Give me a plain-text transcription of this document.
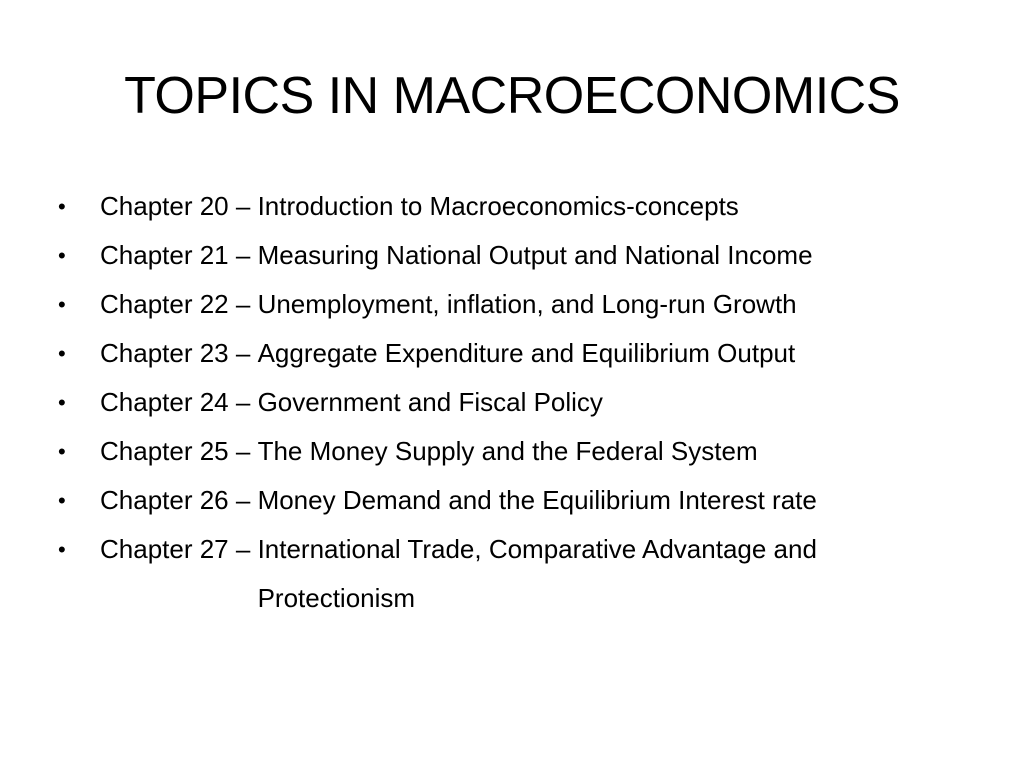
TOPICS IN MACROECONOMICS
•	Chapter 20 – Introduction to Macroeconomics-concepts
•	Chapter 21 – Measuring National Output and National Income
•	Chapter 22 – Unemployment, inflation, and Long-run Growth
•	Chapter 23 – Aggregate Expenditure and Equilibrium Output
•	Chapter 24 – Government and Fiscal Policy
•	Chapter 25 – The Money Supply and the Federal System
•	Chapter 26 – Money Demand and the Equilibrium Interest rate
•	Chapter 27 – International Trade, Comparative Advantage and
Protectionism
